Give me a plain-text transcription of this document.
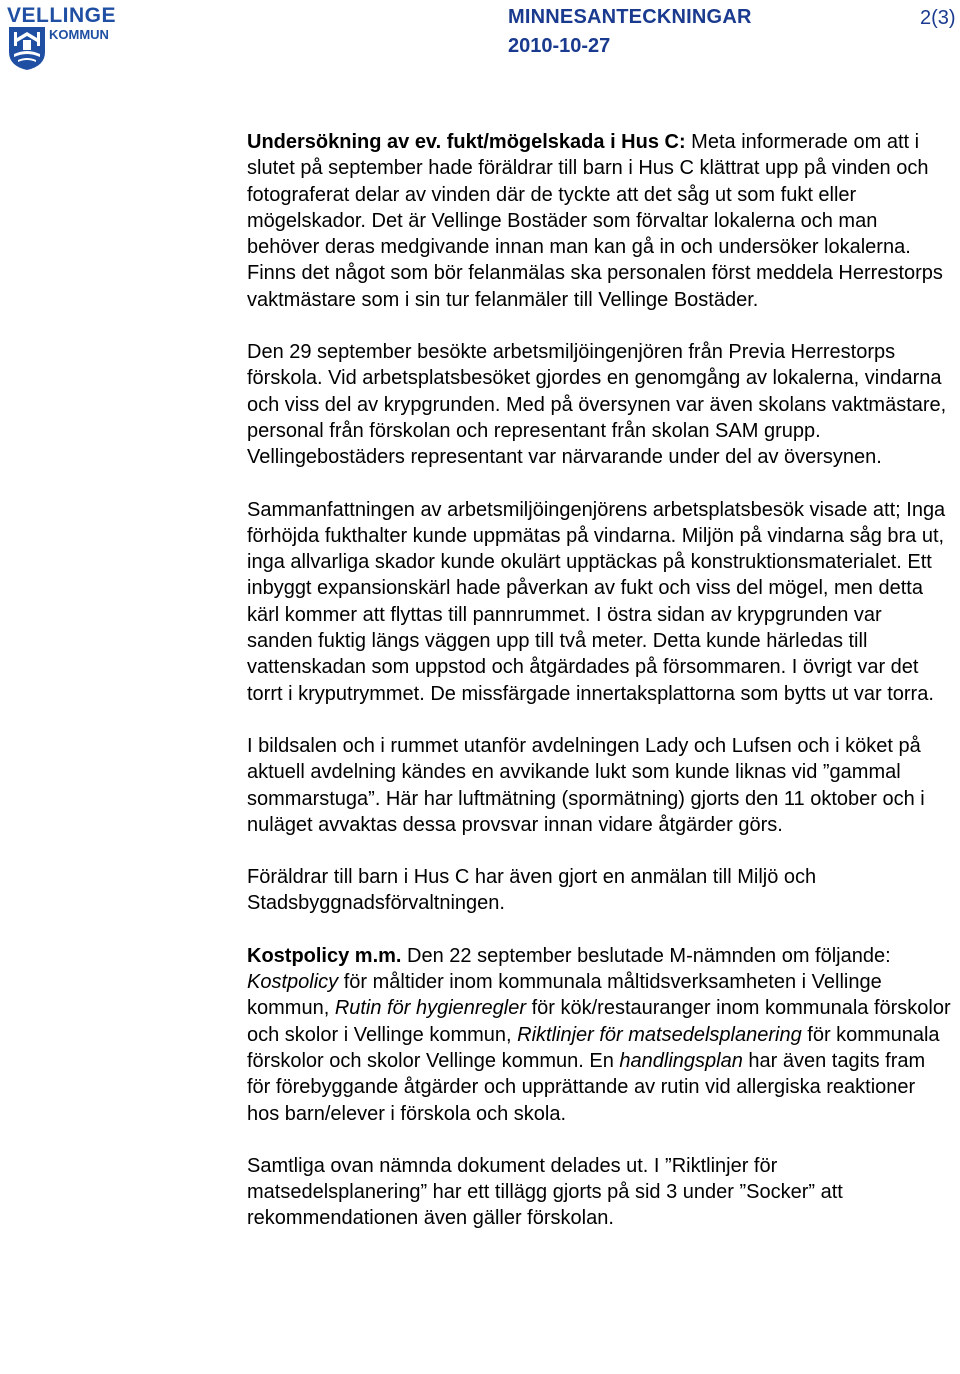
VELLINGE
KOMMUN
MINNESANTECKNINGAR	2(3)
2010-10-27

Undersökning av ev. fukt/mögelskada i Hus C: Meta informerade om att i slutet på september hade föräldrar till barn i Hus C klättrat upp på vinden och fotograferat delar av vinden där de tyckte att det såg ut som fukt eller mögelskador. Det är Vellinge Bostäder som förvaltar lokalerna och man behöver deras medgivande innan man kan gå in och undersöker lokalerna. Finns det något som bör felanmälas ska personalen först meddela Herrestorps vaktmästare som i sin tur felanmäler till Vellinge Bostäder.

Den 29 september besökte arbetsmiljöingenjören från Previa Herrestorps förskola. Vid arbetsplatsbesöket gjordes en genomgång av lokalerna, vindarna och viss del av krypgrunden. Med på översynen var även skolans vaktmästare, personal från förskolan och representant från skolan SAM grupp. Vellingebostäders representant var närvarande under del av översynen.

Sammanfattningen av arbetsmiljöingenjörens arbetsplatsbesök visade att; Inga förhöjda fukthalter kunde uppmätas på vindarna. Miljön på vindarna såg bra ut, inga allvarliga skador kunde okulärt upptäckas på konstruktionsmaterialet. Ett inbyggt expansionskärl hade påverkan av fukt och viss del mögel, men detta kärl kommer att flyttas till pannrummet. I östra sidan av krypgrunden var sanden fuktig längs väggen upp till två meter. Detta kunde härledas till vattenskadan som uppstod och åtgärdades på försommaren. I övrigt var det torrt i kryputrymmet. De missfärgade innertaksplattorna som bytts ut var torra.

I bildsalen och i rummet utanför avdelningen Lady och Lufsen och i köket på aktuell avdelning kändes en avvikande lukt som kunde liknas vid ”gammal sommarstuga”. Här har luftmätning (spormätning) gjorts den 11 oktober och i nuläget avvaktas dessa provsvar innan vidare åtgärder görs.

Föräldrar till barn i Hus C har även gjort en anmälan till Miljö och Stadsbyggnadsförvaltningen.

Kostpolicy m.m. Den 22 september beslutade M-nämnden om följande: Kostpolicy för måltider inom kommunala måltidsverksamheten i Vellinge kommun, Rutin för hygienregler för kök/restauranger inom kommunala förskolor och skolor i Vellinge kommun, Riktlinjer för matsedelsplanering för kommunala förskolor och skolor Vellinge kommun. En handlingsplan har även tagits fram för förebyggande åtgärder och upprättande av rutin vid allergiska reaktioner hos barn/elever i förskola och skola.

Samtliga ovan nämnda dokument delades ut. I ”Riktlinjer för matsedelsplanering” har ett tillägg gjorts på sid 3 under ”Socker” att rekommendationen även gäller förskolan.
